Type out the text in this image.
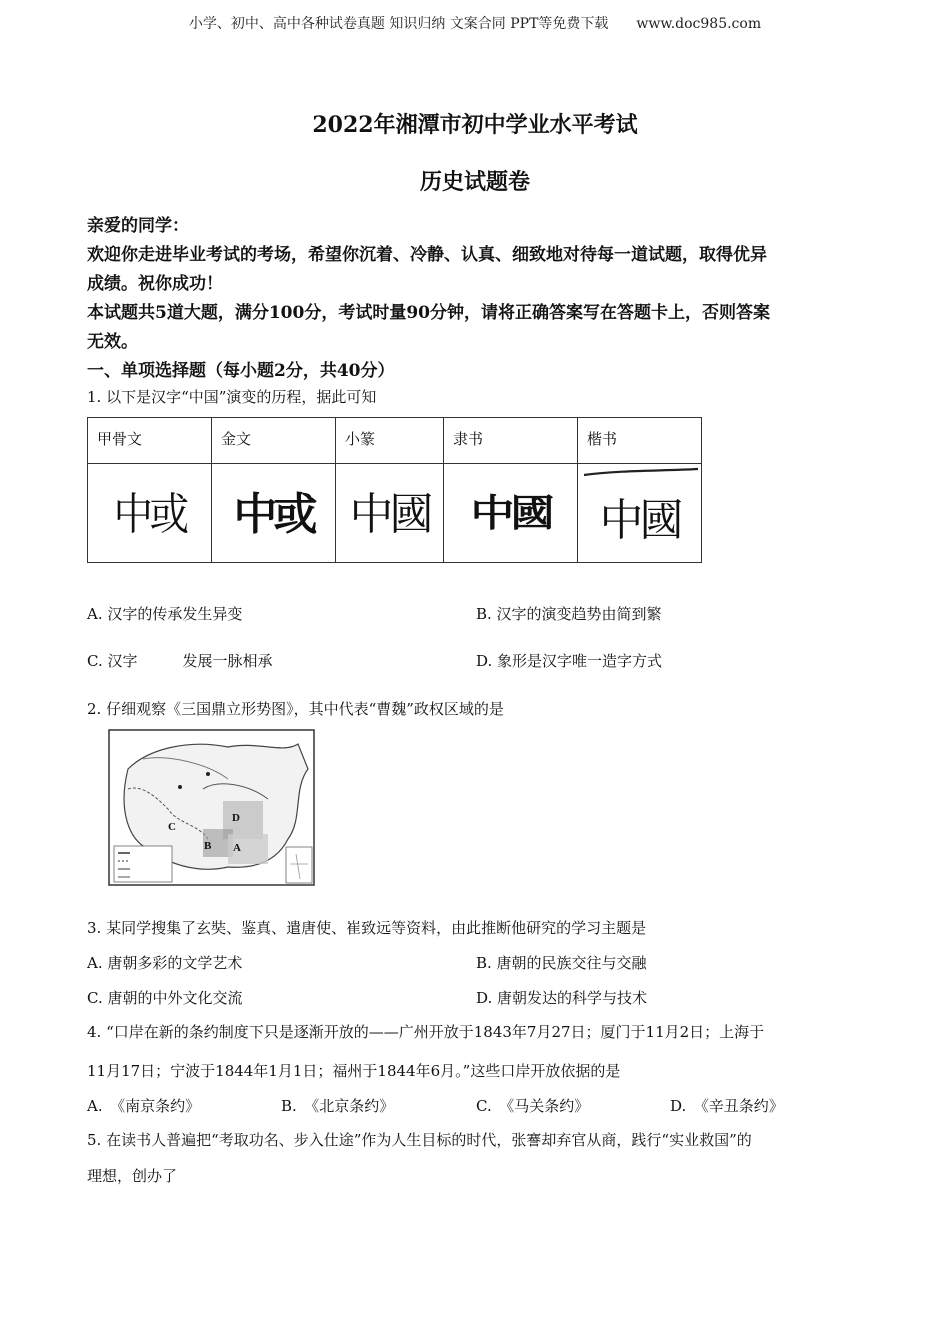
小学、初中、高中各种试卷真题 知识归纳 文案合同 PPT等免费下载　　www.doc985.com
2022年湘潭市初中学业水平考试
历史试题卷
亲爱的同学：
欢迎你走进毕业考试的考场，希望你沉着、冷静、认真、细致地对待每一道试题，取得优异
成绩。祝你成功！
本试题共5道大题，满分100分，考试时量90分钟，请将正确答案写在答题卡上，否则答案
无效。
一、单项选择题（每小题2分，共40分）
1. 以下是汉字“中国”演变的历程，据此可知
甲骨文	金文	小篆	隶书	楷书

中或	中或	中國	中國	中國
A. 汉字的传承发生异变	B. 汉字的演变趋势由简到繁
C. 汉字　　　发展一脉相承	D. 象形是汉字唯一造字方式
2. 仔细观察《三国鼎立形势图》，其中代表“曹魏”政权区域的是
D
C
B A
3. 某同学搜集了玄奘、鉴真、遣唐使、崔致远等资料，由此推断他研究的学习主题是
A. 唐朝多彩的文学艺术	B. 唐朝的民族交往与交融
C. 唐朝的中外文化交流	D. 唐朝发达的科学与技术
4. “口岸在新的条约制度下只是逐渐开放的——广州开放于1843年7月27日；厦门于11月2日；上海于
11月17日；宁波于1844年1月1日；福州于1844年6月。”这些口岸开放依据的是
A.　《南京条约》	B.　《北京条约》	C.　《马关条约》	D.　《辛丑条约》
5. 在读书人普遍把“考取功名、步入仕途”作为人生目标的时代，张謇却弃官从商，践行“实业救国”的
理想，创办了
